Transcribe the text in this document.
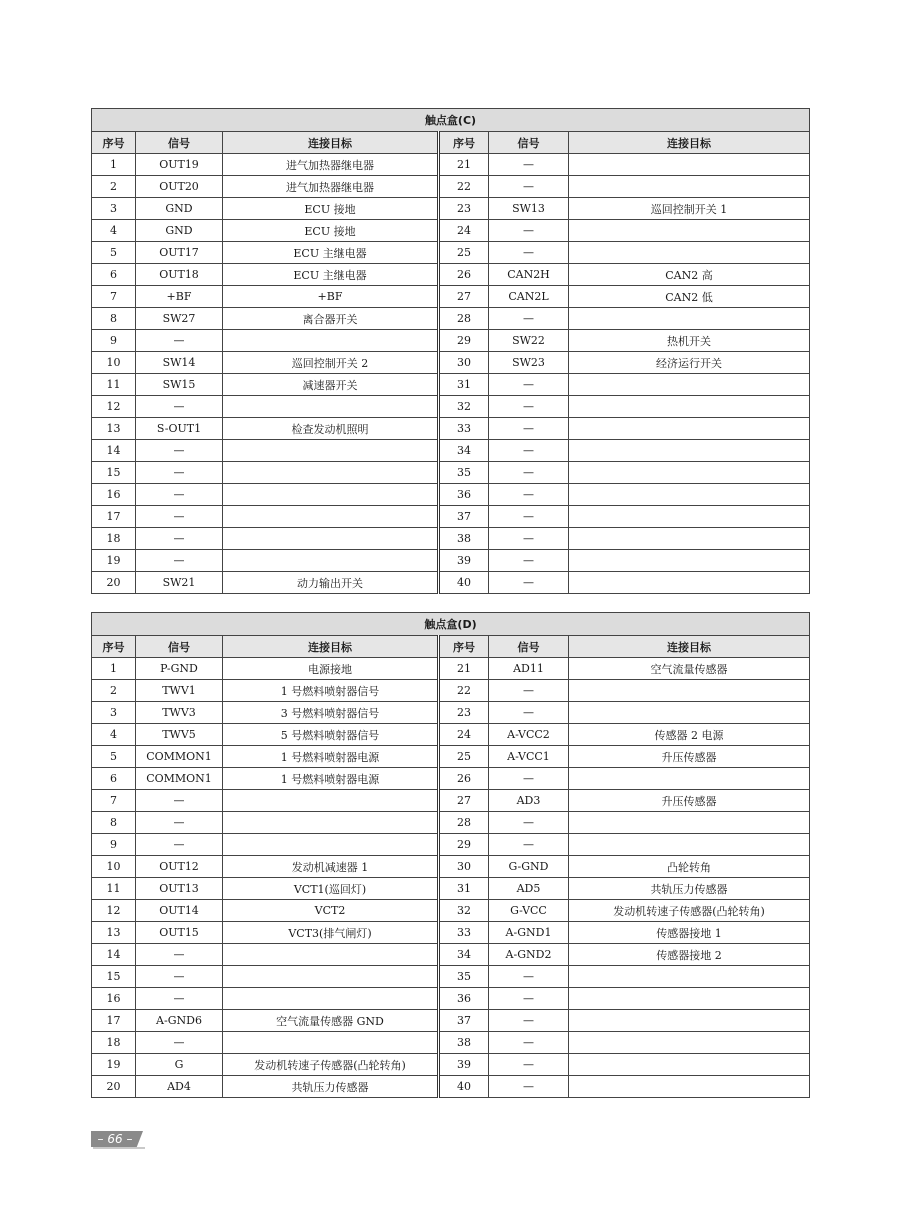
触点盒(C)					
序号	信号	连接目标	序号	信号	连接目标
1	OUT19	进气加热器继电器	21	—	
2	OUT20	进气加热器继电器	22	—	
3	GND	ECU 接地	23	SW13	巡回控制开关 1
4	GND	ECU 接地	24	—	
5	OUT17	ECU 主继电器	25	—	
6	OUT18	ECU 主继电器	26	CAN2H	CAN2 高
7	+BF	+BF	27	CAN2L	CAN2 低
8	SW27	离合器开关	28	—	
9	—		29	SW22	热机开关
10	SW14	巡回控制开关 2	30	SW23	经济运行开关
11	SW15	减速器开关	31	—	
12	—		32	—	
13	S-OUT1	检查发动机照明	33	—	
14	—		34	—	
15	—		35	—	
16	—		36	—	
17	—		37	—	
18	—		38	—	
19	—		39	—	
20	SW21	动力输出开关	40	—	
触点盒(D)					
序号	信号	连接目标	序号	信号	连接目标
1	P-GND	电源接地	21	AD11	空气流量传感器
2	TWV1	1 号燃料喷射器信号	22	—	
3	TWV3	3 号燃料喷射器信号	23	—	
4	TWV5	5 号燃料喷射器信号	24	A-VCC2	传感器 2 电源
5	COMMON1	1 号燃料喷射器电源	25	A-VCC1	升压传感器
6	COMMON1	1 号燃料喷射器电源	26	—	
7	—		27	AD3	升压传感器
8	—		28	—	
9	—		29	—	
10	OUT12	发动机减速器 1	30	G-GND	凸轮转角
11	OUT13	VCT1(巡回灯)	31	AD5	共轨压力传感器
12	OUT14	VCT2	32	G-VCC	发动机转速子传感器(凸轮转角)
13	OUT15	VCT3(排气闸灯)	33	A-GND1	传感器接地 1
14	—		34	A-GND2	传感器接地 2
15	—		35	—	
16	—		36	—	
17	A-GND6	空气流量传感器 GND	37	—	
18	—		38	—	
19	G	发动机转速子传感器(凸轮转角)	39	—	
20	AD4	共轨压力传感器	40	—	
– 66 –
